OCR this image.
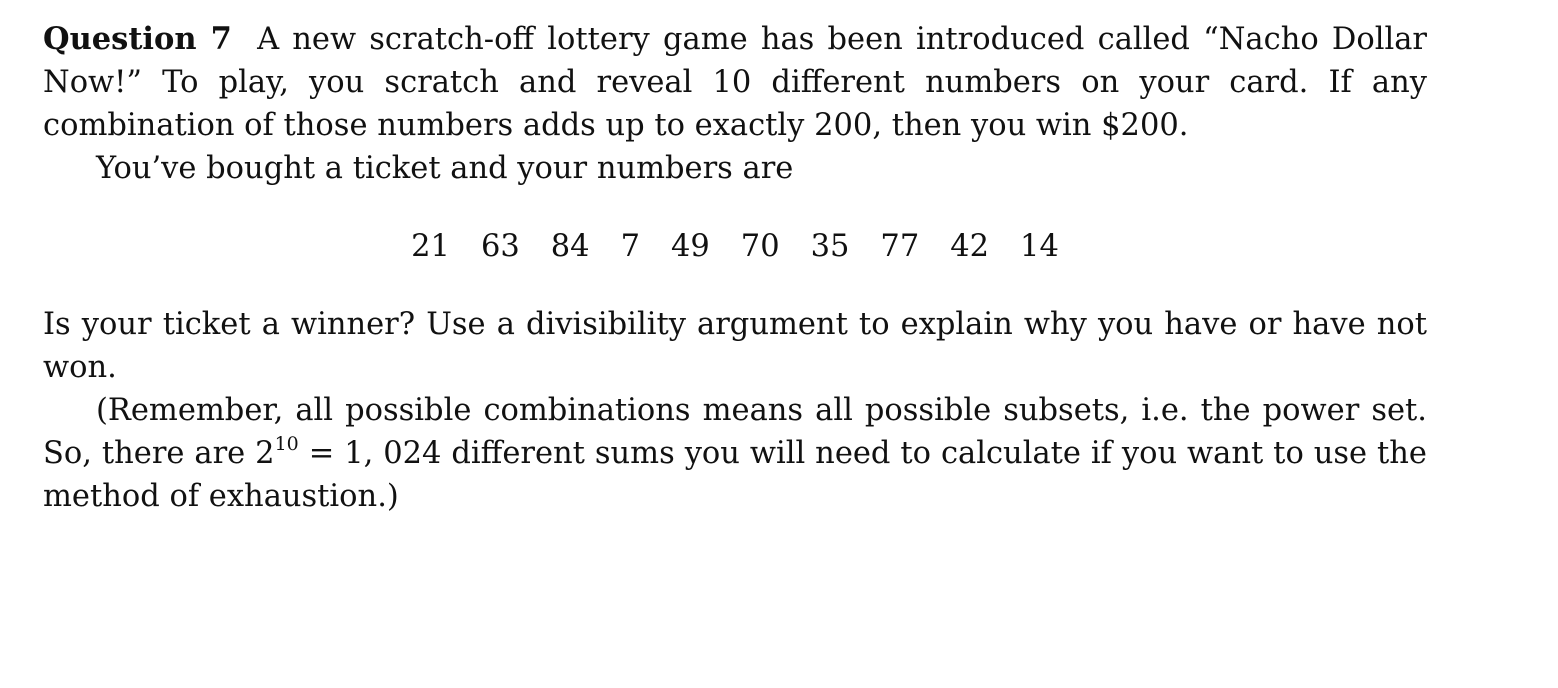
Question 7 A new scratch-off lottery game has been introduced called “Nacho Dollar Now!” To play, you scratch and reveal 10 different numbers on your card. If any combination of those numbers adds up to exactly 200, then you win $200.

You’ve bought a ticket and your numbers are

21 63 84 7 49 70 35 77 42 14

Is your ticket a winner? Use a divisibility argument to explain why you have or have not won.

(Remember, all possible combinations means all possible subsets, i.e. the power set. So, there are $2^{10} = 1$, 024 different sums you will need to calculate if you want to use the method of exhaustion.)
